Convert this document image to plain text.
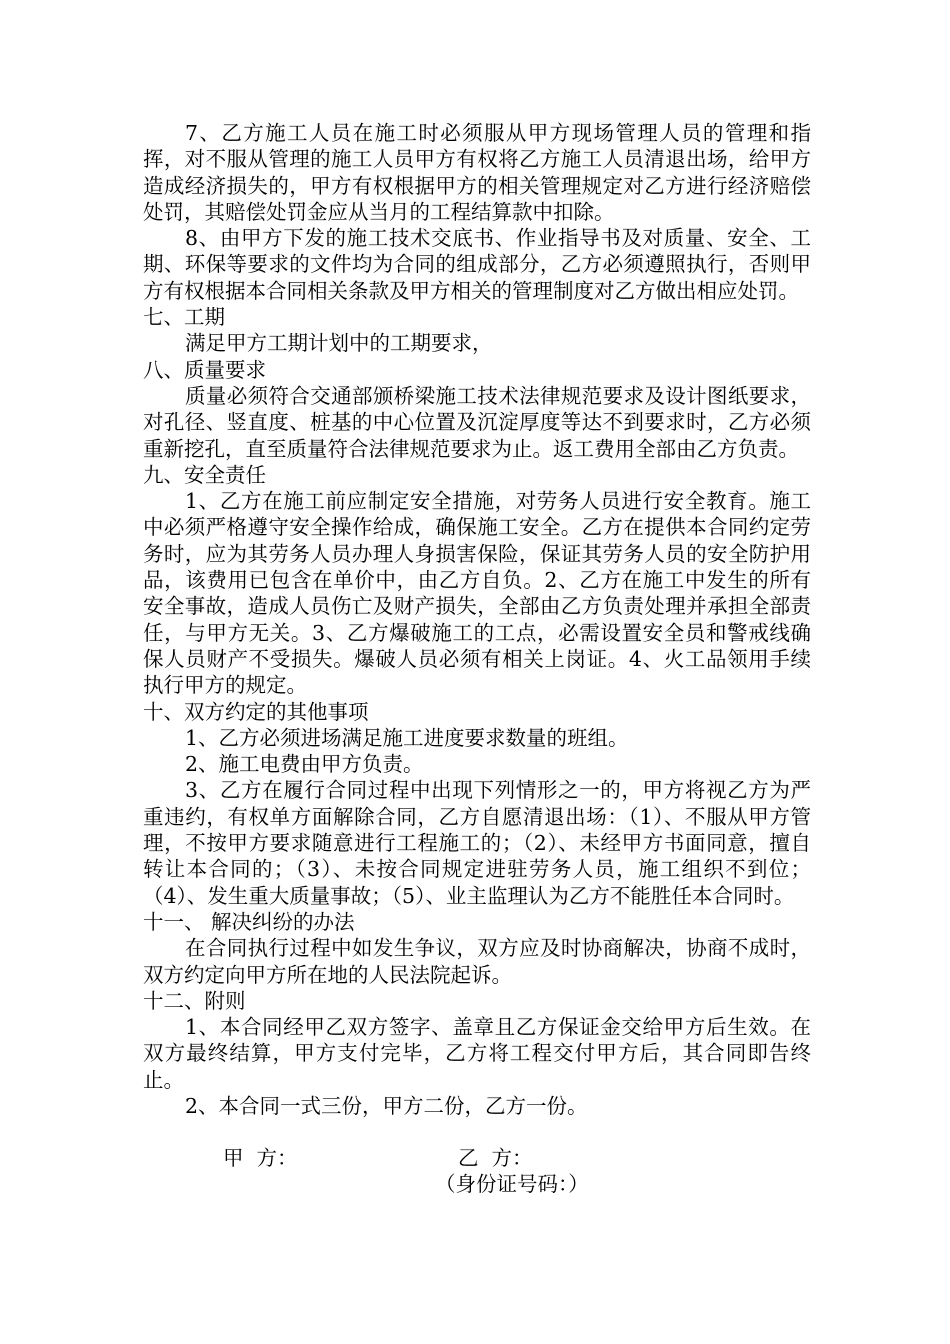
7、乙方施工人员在施工时必须服从甲方现场管理人员的管理和指挥，对不服从管理的施工人员甲方有权将乙方施工人员清退出场，给甲方造成经济损失的，甲方有权根据甲方的相关管理规定对乙方进行经济赔偿处罚，其赔偿处罚金应从当月的工程结算款中扣除。

8、由甲方下发的施工技术交底书、作业指导书及对质量、安全、工期、环保等要求的文件均为合同的组成部分，乙方必须遵照执行，否则甲方有权根据本合同相关条款及甲方相关的管理制度对乙方做出相应处罚。

七、工期

满足甲方工期计划中的工期要求，

八、质量要求

质量必须符合交通部颁桥梁施工技术法律规范要求及设计图纸要求，对孔径、竖直度、桩基的中心位置及沉淀厚度等达不到要求时，乙方必须重新挖孔，直至质量符合法律规范要求为止。返工费用全部由乙方负责。

九、安全责任

1、乙方在施工前应制定安全措施，对劳务人员进行安全教育。施工中必须严格遵守安全操作给成，确保施工安全。乙方在提供本合同约定劳务时，应为其劳务人员办理人身损害保险，保证其劳务人员的安全防护用品，该费用已包含在单价中，由乙方自负。2、乙方在施工中发生的所有安全事故，造成人员伤亡及财产损失，全部由乙方负责处理并承担全部责任，与甲方无关。3、乙方爆破施工的工点，必需设置安全员和警戒线确保人员财产不受损失。爆破人员必须有相关上岗证。4、火工品领用手续执行甲方的规定。

十、双方约定的其他事项

1、乙方必须进场满足施工进度要求数量的班组。

2、施工电费由甲方负责。

3、乙方在履行合同过程中出现下列情形之一的，甲方将视乙方为严重违约，有权单方面解除合同，乙方自愿清退出场：（1）、不服从甲方管理，不按甲方要求随意进行工程施工的；（2）、未经甲方书面同意，擅自转让本合同的；（3）、未按合同规定进驻劳务人员，施工组织不到位；（4）、发生重大质量事故；（5）、业主监理认为乙方不能胜任本合同时。

十一、 解决纠纷的办法

在合同执行过程中如发生争议，双方应及时协商解决，协商不成时，双方约定向甲方所在地的人民法院起诉。

十二、附则

1、本合同经甲乙双方签字、盖章且乙方保证金交给甲方后生效。在双方最终结算，甲方支付完毕，乙方将工程交付甲方后，其合同即告终止。

2、本合同一式三份，甲方二份，乙方一份。

甲  方：	乙  方：
（身份证号码：）
